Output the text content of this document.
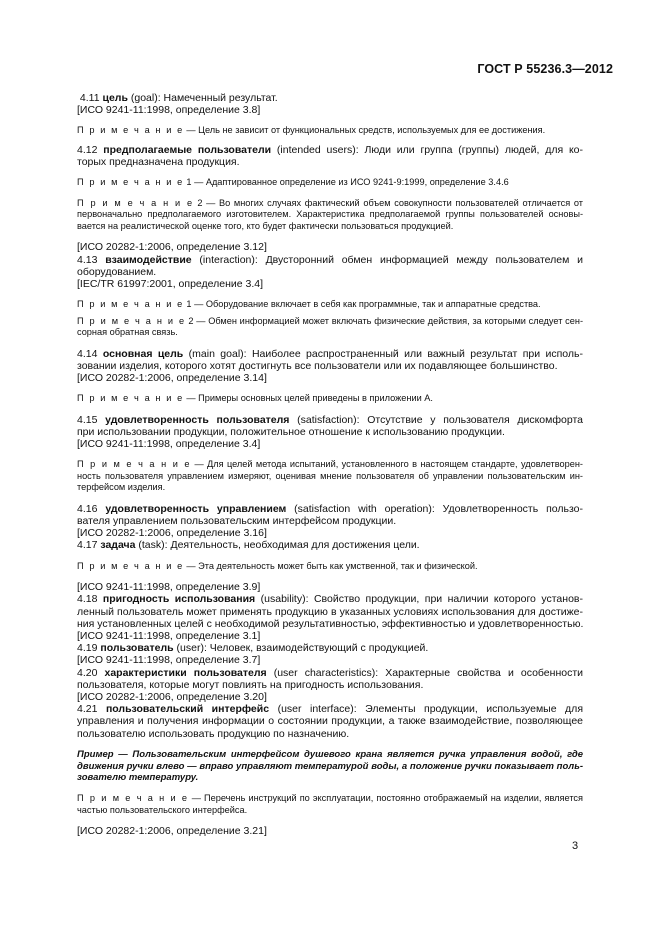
ГОСТ Р 55236.3—2012
4.11 цель (goal): Намеченный результат.
[ИСО 9241-11:1998, определение 3.8]
П р и м е ч а н и е — Цель не зависит от функциональных средств, используемых для ее достижения.
4.12 предполагаемые пользователи (intended users): Люди или группа (группы) людей, для ко-
торых предназначена продукция.
П р и м е ч а н и е 1 — Адаптированное определение из ИСО 9241-9:1999, определение 3.4.6
П р и м е ч а н и е 2 — Во многих случаях фактический объем совокупности пользователей отличается от
первоначально предполагаемого изготовителем. Характеристика предполагаемой группы пользователей основы-
вается на реалистической оценке того, кто будет фактически пользоваться продукцией.
[ИСО 20282-1:2006, определение 3.12]
4.13 взаимодействие (interaction): Двусторонний обмен информацией между пользователем и
оборудованием.
[IEC/TR 61997:2001, определение 3.4]
П р и м е ч а н и е 1 — Оборудование включает в себя как программные, так и аппаратные средства.
П р и м е ч а н и е 2 — Обмен информацией может включать физические действия, за которыми следует сен-
сорная обратная связь.
4.14 основная цель (main goal): Наиболее распространенный или важный результат при исполь-
зовании изделия, которого хотят достигнуть все пользователи или их подавляющее большинство.
[ИСО 20282-1:2006, определение 3.14]
П р и м е ч а н и е — Примеры основных целей приведены в приложении А.
4.15 удовлетворенность пользователя (satisfaction): Отсутствие у пользователя дискомфорта
при использовании продукции, положительное отношение к использованию продукции.
[ИСО 9241-11:1998, определение 3.4]
П р и м е ч а н и е — Для целей метода испытаний, установленного в настоящем стандарте, удовлетворен-
ность пользователя управлением измеряют, оценивая мнение пользователя об управлении пользовательским ин-
терфейсом изделия.
4.16 удовлетворенность управлением (satisfaction with operation): Удовлетворенность пользо-
вателя управлением пользовательским интерфейсом продукции.
[ИСО 20282-1:2006, определение 3.16]
4.17 задача (task): Деятельность, необходимая для достижения цели.
П р и м е ч а н и е — Эта деятельность может быть как умственной, так и физической.
[ИСО 9241-11:1998, определение 3.9]
4.18 пригодность использования (usability): Свойство продукции, при наличии которого установ-
ленный пользователь может применять продукцию в указанных условиях использования для достиже-
ния установленных целей с необходимой результативностью, эффективностью и удовлетворенностью.
[ИСО 9241-11:1998, определение 3.1]
4.19 пользователь (user): Человек, взаимодействующий с продукцией.
[ИСО 9241-11:1998, определение 3.7]
4.20 характеристики пользователя (user characteristics): Характерные свойства и особенности
пользователя, которые могут повлиять на пригодность использования.
[ИСО 20282-1:2006, определение 3.20]
4.21 пользовательский интерфейс (user interface): Элементы продукции, используемые для
управления и получения информации о состоянии продукции, а также взаимодействие, позволяющее
пользователю использовать продукцию по назначению.
Пример — Пользовательским интерфейсом душевого крана является ручка управления водой, где
движения ручки влево — вправо управляют температурой воды, а положение ручки показывает поль-
зователю температуру.
П р и м е ч а н и е — Перечень инструкций по эксплуатации, постоянно отображаемый на изделии, является
частью пользовательского интерфейса.
[ИСО 20282-1:2006, определение 3.21]
3
